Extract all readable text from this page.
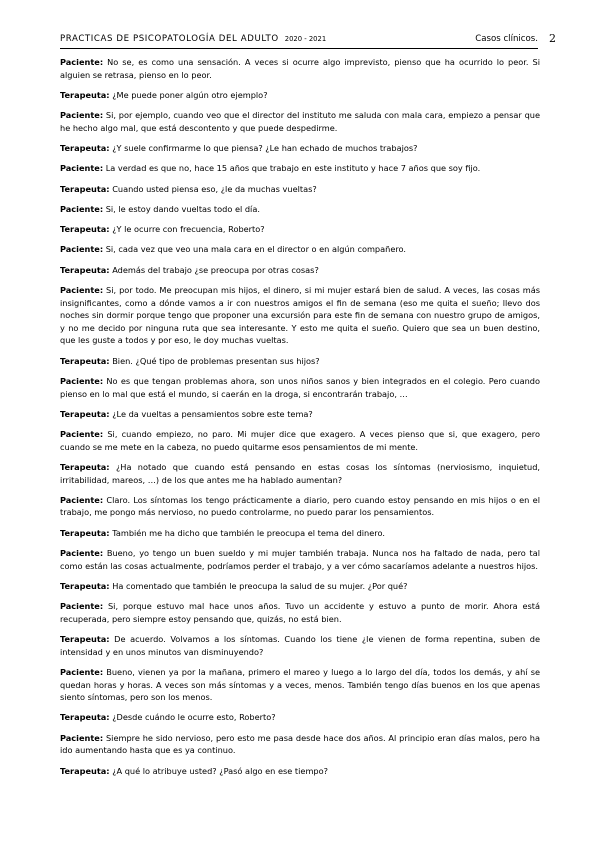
PRACTICAS DE PSICOPATOLOGÍA DEL ADULTO 2020 - 2021	Casos clínicos. 2

Paciente: No se, es como una sensación. A veces si ocurre algo imprevisto, pienso que ha ocurrido lo peor. Si alguien se retrasa, pienso en lo peor.

Terapeuta: ¿Me puede poner algún otro ejemplo?

Paciente: Si, por ejemplo, cuando veo que el director del instituto me saluda con mala cara, empiezo a pensar que he hecho algo mal, que está descontento y que puede despedirme.

Terapeuta: ¿Y suele confirmarme lo que piensa? ¿Le han echado de muchos trabajos?

Paciente: La verdad es que no, hace 15 años que trabajo en este instituto y hace 7 años que soy fijo.

Terapeuta: Cuando usted piensa eso, ¿le da muchas vueltas?

Paciente: Si, le estoy dando vueltas todo el día.

Terapeuta: ¿Y le ocurre con frecuencia, Roberto?

Paciente: Si, cada vez que veo una mala cara en el director o en algún compañero.

Terapeuta: Además del trabajo ¿se preocupa por otras cosas?

Paciente: Si, por todo. Me preocupan mis hijos, el dinero, si mi mujer estará bien de salud. A veces, las cosas más insignificantes, como a dónde vamos a ir con nuestros amigos el fin de semana (eso me quita el sueño; llevo dos noches sin dormir porque tengo que proponer una excursión para este fin de semana con nuestro grupo de amigos, y no me decido por ninguna ruta que sea interesante. Y esto me quita el sueño. Quiero que sea un buen destino, que les guste a todos y por eso, le doy muchas vueltas.

Terapeuta: Bien. ¿Qué tipo de problemas presentan sus hijos?

Paciente: No es que tengan problemas ahora, son unos niños sanos y bien integrados en el colegio. Pero cuando pienso en lo mal que está el mundo, si caerán en la droga, si encontrarán trabajo, …

Terapeuta: ¿Le da vueltas a pensamientos sobre este tema?

Paciente: Si, cuando empiezo, no paro. Mi mujer dice que exagero. A veces pienso que si, que exagero, pero cuando se me mete en la cabeza, no puedo quitarme esos pensamientos de mi mente.

Terapeuta: ¿Ha notado que cuando está pensando en estas cosas los síntomas (nerviosismo, inquietud, irritabilidad, mareos, …) de los que antes me ha hablado aumentan?

Paciente: Claro. Los síntomas los tengo prácticamente a diario, pero cuando estoy pensando en mis hijos o en el trabajo, me pongo más nervioso, no puedo controlarme, no puedo parar los pensamientos.

Terapeuta: También me ha dicho que también le preocupa el tema del dinero.

Paciente: Bueno, yo tengo un buen sueldo y mi mujer también trabaja. Nunca nos ha faltado de nada, pero tal como están las cosas actualmente, podríamos perder el trabajo, y a ver cómo sacaríamos adelante a nuestros hijos.

Terapeuta: Ha comentado que también le preocupa la salud de su mujer. ¿Por qué?

Paciente: Si, porque estuvo mal hace unos años. Tuvo un accidente y estuvo a punto de morir. Ahora está recuperada, pero siempre estoy pensando que, quizás, no está bien.

Terapeuta: De acuerdo. Volvamos a los síntomas. Cuando los tiene ¿le vienen de forma repentina, suben de intensidad y en unos minutos van disminuyendo?

Paciente: Bueno, vienen ya por la mañana, primero el mareo y luego a lo largo del día, todos los demás, y ahí se quedan horas y horas. A veces son más síntomas y a veces, menos. También tengo días buenos en los que apenas siento síntomas, pero son los menos.

Terapeuta: ¿Desde cuándo le ocurre esto, Roberto?

Paciente: Siempre he sido nervioso, pero esto me pasa desde hace dos años. Al principio eran días malos, pero ha ido aumentando hasta que es ya continuo.

Terapeuta: ¿A qué lo atribuye usted? ¿Pasó algo en ese tiempo?
